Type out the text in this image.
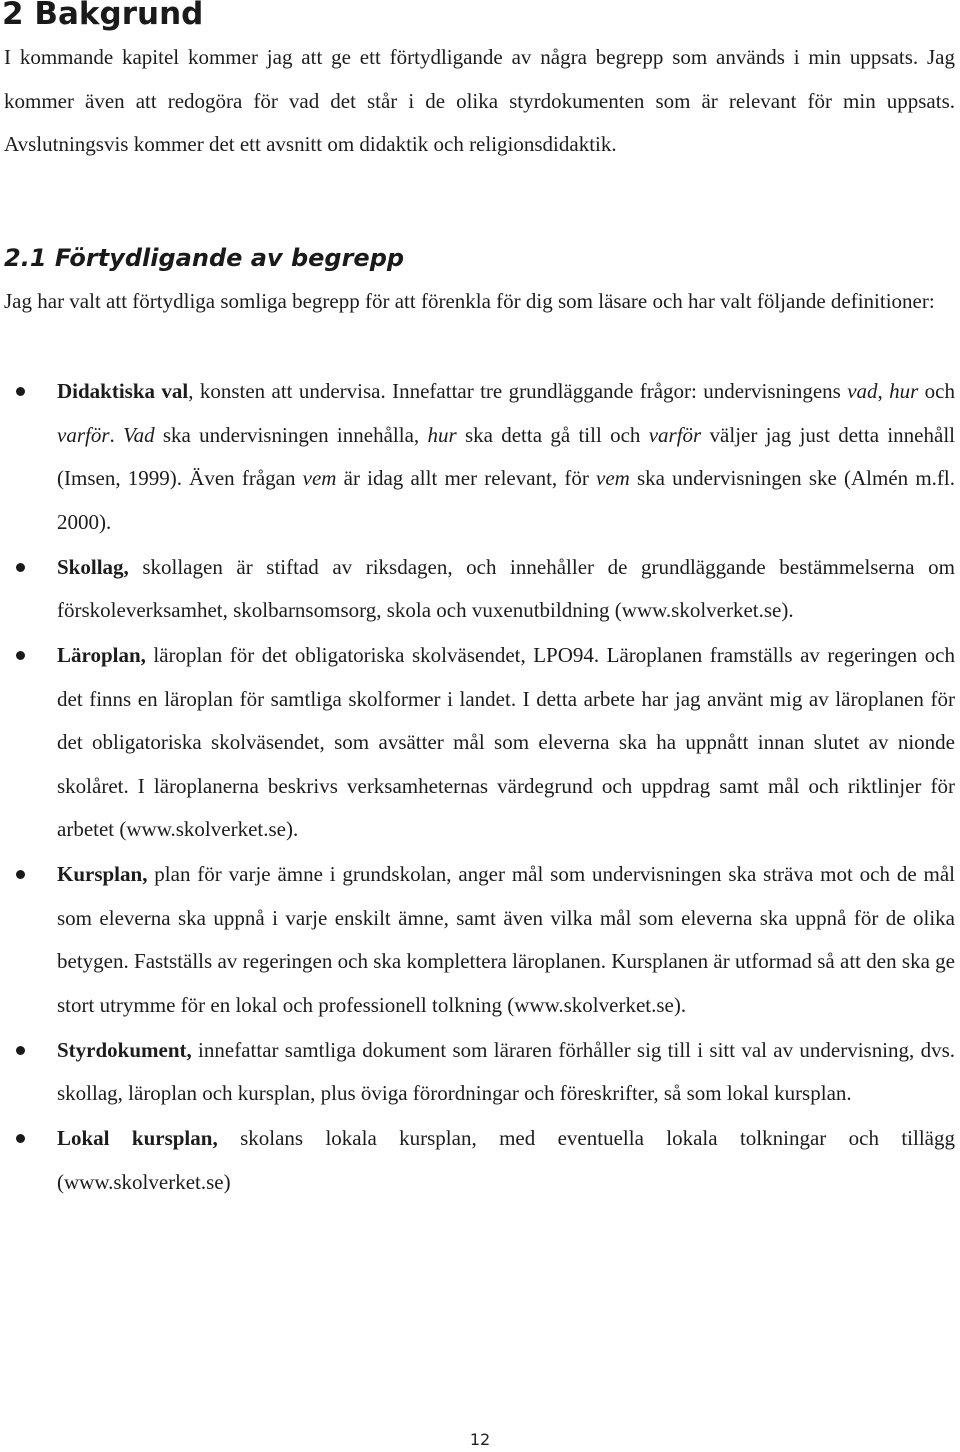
2 Bakgrund

I kommande kapitel kommer jag att ge ett förtydligande av några begrepp som används i min uppsats. Jag kommer även att redogöra för vad det står i de olika styrdokumenten som är relevant för min uppsats. Avslutningsvis kommer det ett avsnitt om didaktik och religionsdidaktik.

2.1 Förtydligande av begrepp

Jag har valt att förtydliga somliga begrepp för att förenkla för dig som läsare och har valt följande definitioner:

Didaktiska val, konsten att undervisa. Innefattar tre grundläggande frågor: undervisningens vad, hur och varför. Vad ska undervisningen innehålla, hur ska detta gå till och varför väljer jag just detta innehåll (Imsen, 1999). Även frågan vem är idag allt mer relevant, för vem ska undervisningen ske (Almén m.fl. 2000).
Skollag, skollagen är stiftad av riksdagen, och innehåller de grundläggande bestämmelserna om förskoleverksamhet, skolbarnsomsorg, skola och vuxenutbildning (www.skolverket.se).
Läroplan, läroplan för det obligatoriska skolväsendet, LPO94. Läroplanen framställs av regeringen och det finns en läroplan för samtliga skolformer i landet. I detta arbete har jag använt mig av läroplanen för det obligatoriska skolväsendet, som avsätter mål som eleverna ska ha uppnått innan slutet av nionde skolåret. I läroplanerna beskrivs verksamheternas värdegrund och uppdrag samt mål och riktlinjer för arbetet (www.skolverket.se).
Kursplan, plan för varje ämne i grundskolan, anger mål som undervisningen ska sträva mot och de mål som eleverna ska uppnå i varje enskilt ämne, samt även vilka mål som eleverna ska uppnå för de olika betygen. Fastställs av regeringen och ska komplettera läroplanen. Kursplanen är utformad så att den ska ge stort utrymme för en lokal och professionell tolkning (www.skolverket.se).
Styrdokument, innefattar samtliga dokument som läraren förhåller sig till i sitt val av undervisning, dvs. skollag, läroplan och kursplan, plus öviga förordningar och föreskrifter, så som lokal kursplan.
Lokal kursplan, skolans lokala kursplan, med eventuella lokala tolkningar och tillägg (www.skolverket.se)
12
